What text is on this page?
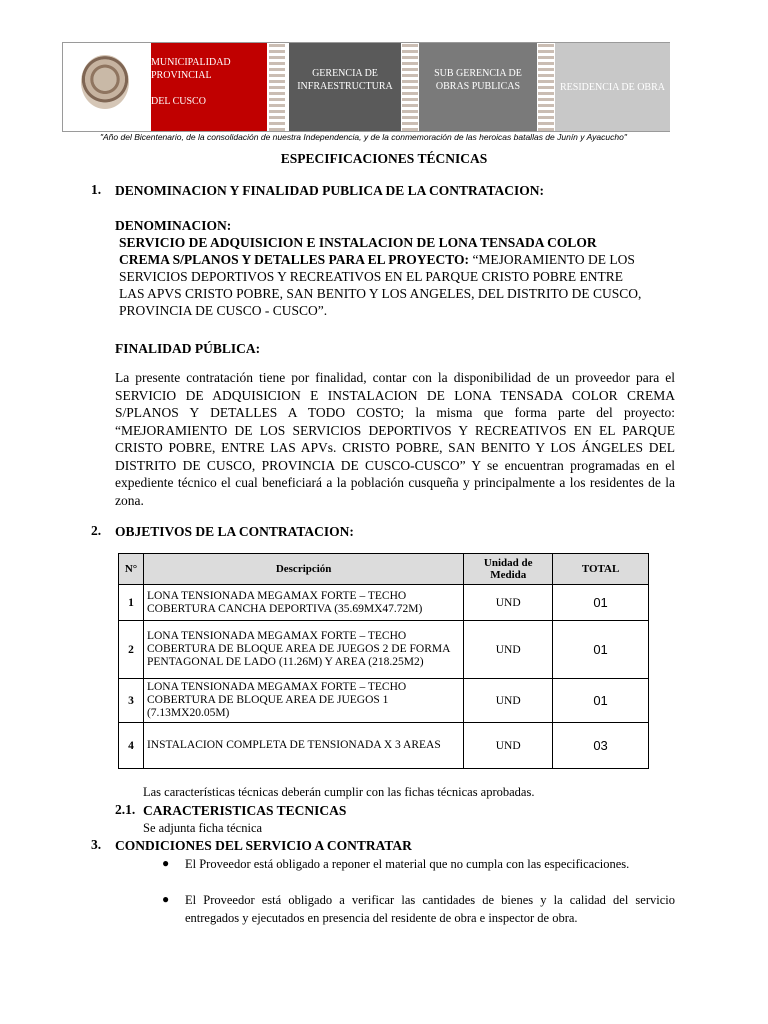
MUNICIPALIDAD
PROVINCIAL
DEL CUSCO
GERENCIA DE
INFRAESTRUCTURA
SUB GERENCIA DE
OBRAS PUBLICAS	RESIDENCIA DE OBRA
"Año del Bicentenario, de la consolidación de nuestra Independencia, y de la conmemoración de las heroicas batallas de Junín y Ayacucho"
ESPECIFICACIONES TÉCNICAS
1. DENOMINACION Y FINALIDAD PUBLICA DE LA CONTRATACION:
DENOMINACION:
SERVICIO DE ADQUISICION E INSTALACION DE LONA TENSADA COLOR
CREMA S/PLANOS Y DETALLES PARA EL PROYECTO: “MEJORAMIENTO DE LOS
SERVICIOS DEPORTIVOS Y RECREATIVOS EN EL PARQUE CRISTO POBRE ENTRE
LAS APVS CRISTO POBRE, SAN BENITO Y LOS ANGELES, DEL DISTRITO DE CUSCO,
PROVINCIA DE CUSCO - CUSCO”.
FINALIDAD PÚBLICA:
La presente contratación tiene por finalidad, contar con la disponibilidad de un proveedor para el SERVICIO DE ADQUISICION E INSTALACION DE LONA TENSADA COLOR CREMA S/PLANOS Y DETALLES A TODO COSTO; la misma que forma parte del proyecto: “MEJORAMIENTO DE LOS SERVICIOS DEPORTIVOS Y RECREATIVOS EN EL PARQUE CRISTO POBRE, ENTRE LAS APVs. CRISTO POBRE, SAN BENITO Y LOS ÁNGELES DEL DISTRITO DE CUSCO, PROVINCIA DE CUSCO-CUSCO” Y se encuentran programadas en el expediente técnico el cual beneficiará a la población cusqueña y principalmente a los residentes de la zona.
2. OBJETIVOS DE LA CONTRATACION:
N°	Descripción	Unidad de Medida	TOTAL
1	LONA TENSIONADA MEGAMAX FORTE – TECHO COBERTURA CANCHA DEPORTIVA (35.69MX47.72M)	UND	01
2	LONA TENSIONADA MEGAMAX FORTE – TECHO COBERTURA DE BLOQUE AREA DE JUEGOS 2 DE FORMA PENTAGONAL DE LADO (11.26M) Y AREA (218.25M2)	UND	01
3	LONA TENSIONADA MEGAMAX FORTE – TECHO COBERTURA DE BLOQUE AREA DE JUEGOS 1 (7.13MX20.05M)	UND	01
4	INSTALACION COMPLETA DE TENSIONADA X 3 AREAS	UND	03
Las características técnicas deberán cumplir con las fichas técnicas aprobadas.
2.1. CARACTERISTICAS TECNICAS
Se adjunta ficha técnica
3. CONDICIONES DEL SERVICIO A CONTRATAR
● El Proveedor está obligado a reponer el material que no cumpla con las especificaciones.
● El Proveedor está obligado a verificar las cantidades de bienes y la calidad del servicio entregados y ejecutados en presencia del residente de obra e inspector de obra.
